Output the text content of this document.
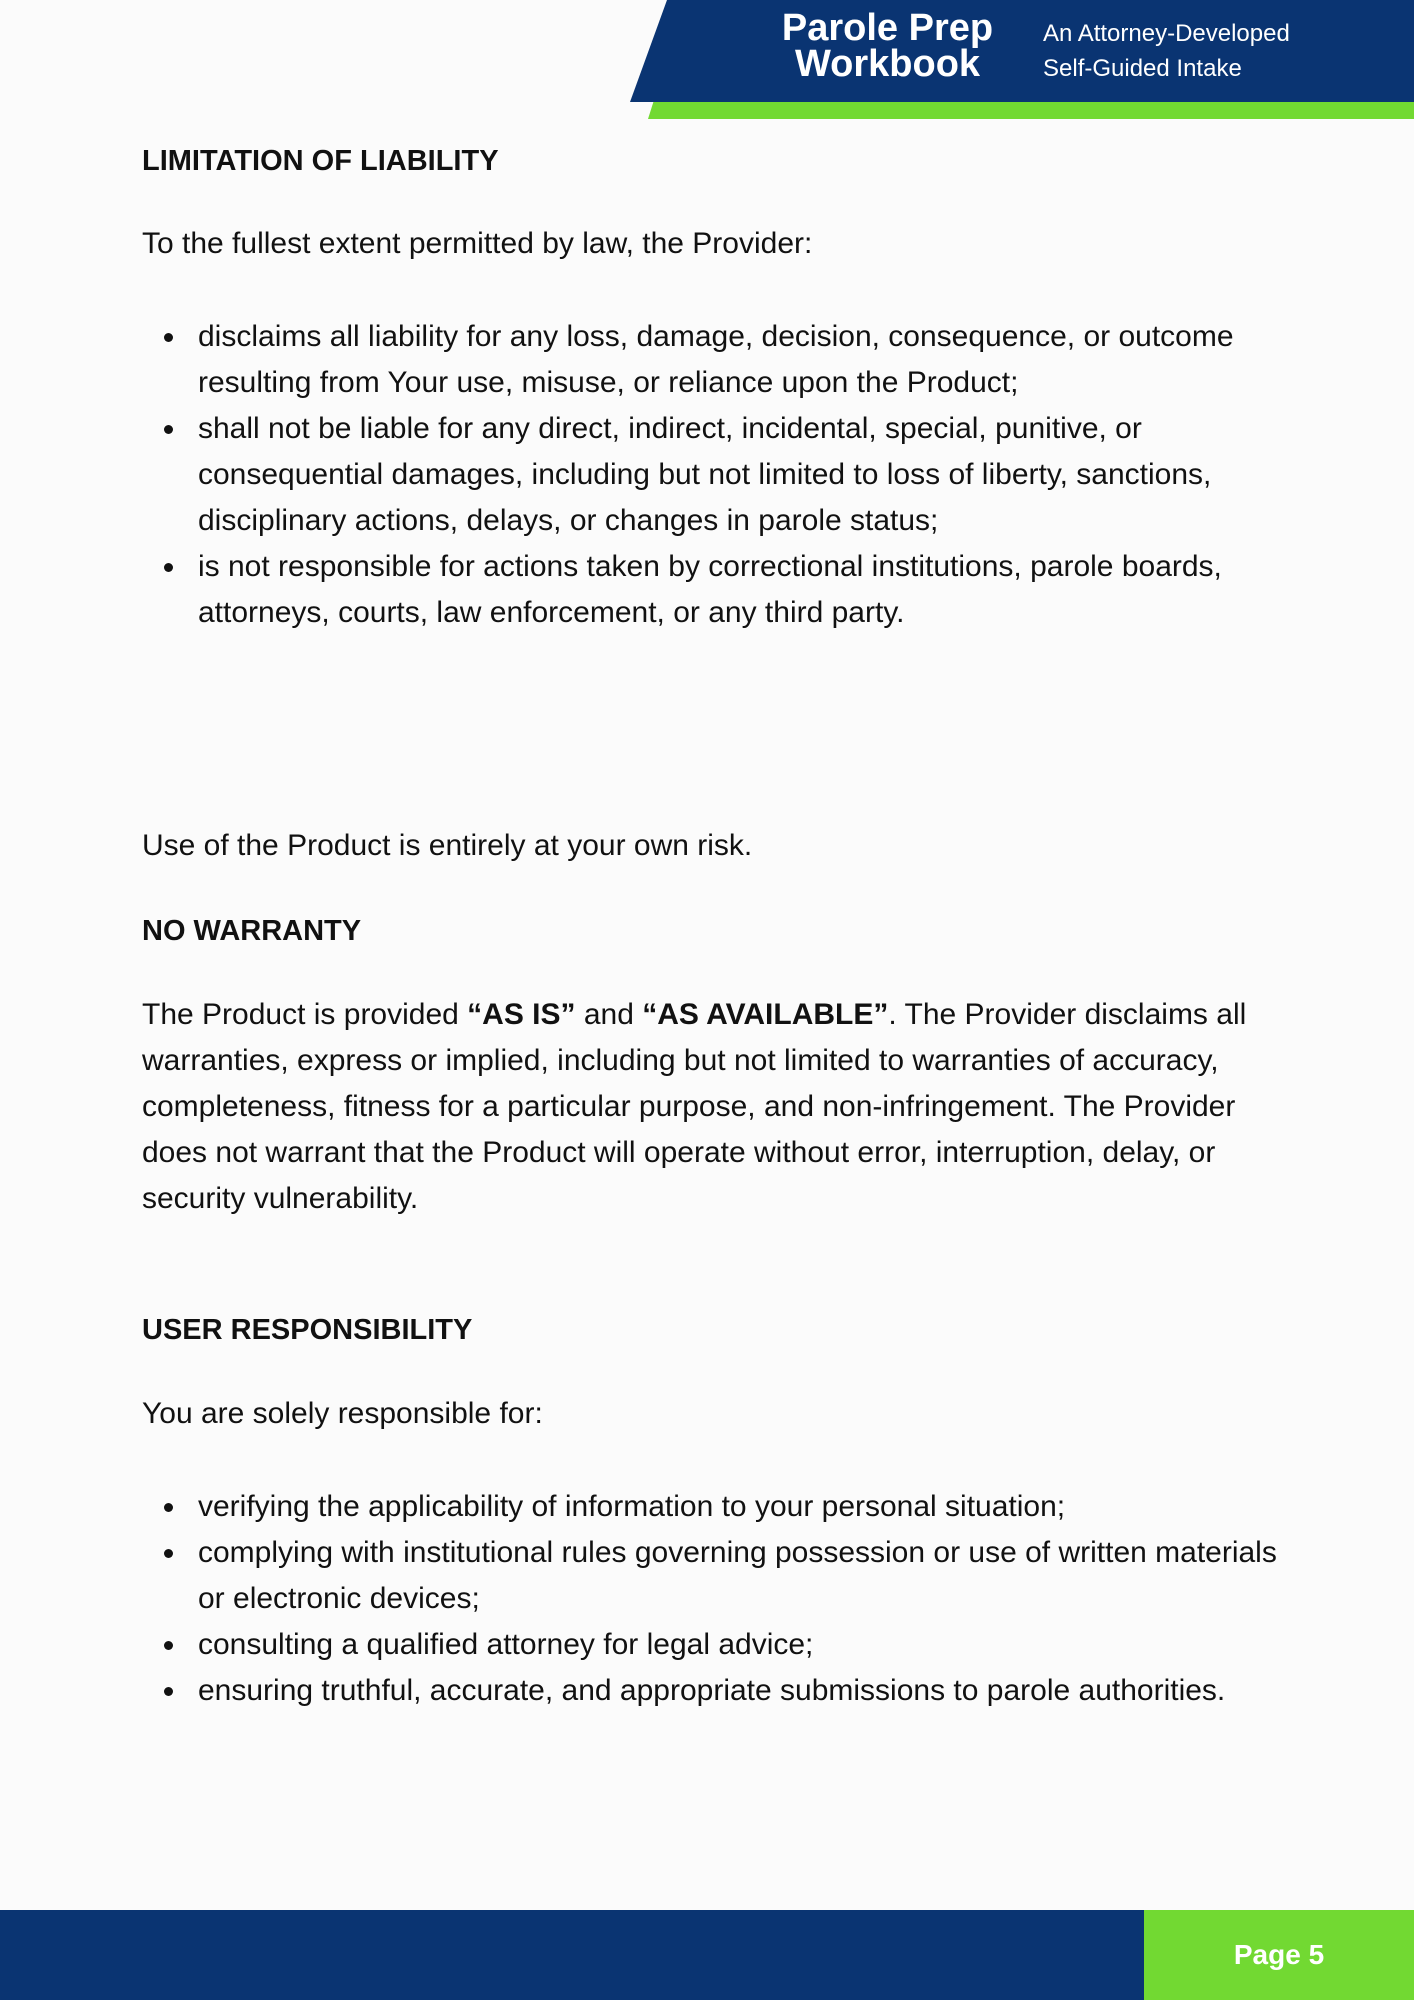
Parole Prep
Workbook
An Attorney-Developed
Self-Guided Intake
LIMITATION OF LIABILITY
To the fullest extent permitted by law, the Provider:
disclaims all liability for any loss, damage, decision, consequence, or outcome resulting from Your use, misuse, or reliance upon the Product;
shall not be liable for any direct, indirect, incidental, special, punitive, or consequential damages, including but not limited to loss of liberty, sanctions, disciplinary actions, delays, or changes in parole status;
is not responsible for actions taken by correctional institutions, parole boards, attorneys, courts, law enforcement, or any third party.
Use of the Product is entirely at your own risk.
NO WARRANTY
The Product is provided “AS IS” and “AS AVAILABLE”. The Provider disclaims all warranties, express or implied, including but not limited to warranties of accuracy, completeness, fitness for a particular purpose, and non-infringement. The Provider does not warrant that the Product will operate without error, interruption, delay, or security vulnerability.
USER RESPONSIBILITY
You are solely responsible for:
verifying the applicability of information to your personal situation;
complying with institutional rules governing possession or use of written materials or electronic devices;
consulting a qualified attorney for legal advice;
ensuring truthful, accurate, and appropriate submissions to parole authorities.
Page 5
